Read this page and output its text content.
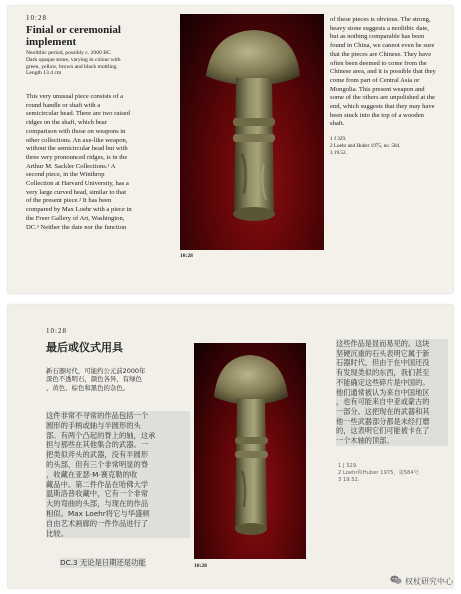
10:28
Finial or ceremonial
implement
Neolithic period, possibly c. 2000 BC
Dark opaque stone, varying in colour with
green, yellow, brown and black mottling
Length 13.4 cm
This very unusual piece consists of a
round handle or shaft with a
semicircular head. There are two raised
ridges on the shaft, which bear
comparison with those on weapons in
other collections. An axe-like weapon,
without the semicircular head but with
three very pronounced ridges, is in the
Arthur M. Sackler Collections.¹ A
second piece, in the Winthrop
Collection at Harvard University, has a
very large curved head, similar to that
of the present piece.² It has been
compared by Max Loehr with a piece in
the Freer Gallery of Art, Washington,
DC.³ Neither the date nor the function
10:28
of these pieces is obvious. The strong,
heavy stone suggests a neolithic date,
but as nothing comparable has been
found in China, we cannot even be sure
that the pieces are Chinese. They have
often been deemed to come from the
Chinese area, and it is possible that they
come from part of Central Asia or
Mongolia. This present weapon and
some of the others are unpolished at the
end, which suggests that they may have
been stuck into the top of a wooden
shaft.
1 J 329.
2 Loehr and Huber 1975, no. 584.
3 19.52.
10:28
最后或仪式用具
新石器时代，可能约公元前2000年
深色不透明石，颜色各异，有绿色
、黄色、棕色和黑色的杂色。
这件非常不寻常的作品包括一个
圆形的手柄或轴与半圆形的头
部。有两个凸起的脊上的轴，这承
担与那些在其他集合的武器。一
把类似斧头的武器，没有半圆形
的头部，但有三个非常明显的脊
，收藏在亚瑟·M·赛克勒的收
藏品中。第二件作品在哈佛大学
温斯洛普收藏中，它有一个非常
大的弯曲的头部，与现在的作品
相似。Max Loehr将它与华盛顿
自由艺术画廊的一件作品进行了
比较。
DC.3 无论是日期还是功能	10:28
这些作品是显而易见的。这块
坚硬沉重的石头表明它属于新
石器时代，但由于在中国还没
有发现类似的东西，我们甚至
不能确定这些碎片是中国的。
他们通常被认为来自中国地区
，也有可能来自中亚或蒙古的
一部分。这把现在的武器和其
他一些武器部分都是未经打磨
的，这表明它们可能被卡在了
一个木轴的顶部。
1 J 329.
2 Loehr和Huber 1975，第584号
3 19.52.
权杖研究中心
